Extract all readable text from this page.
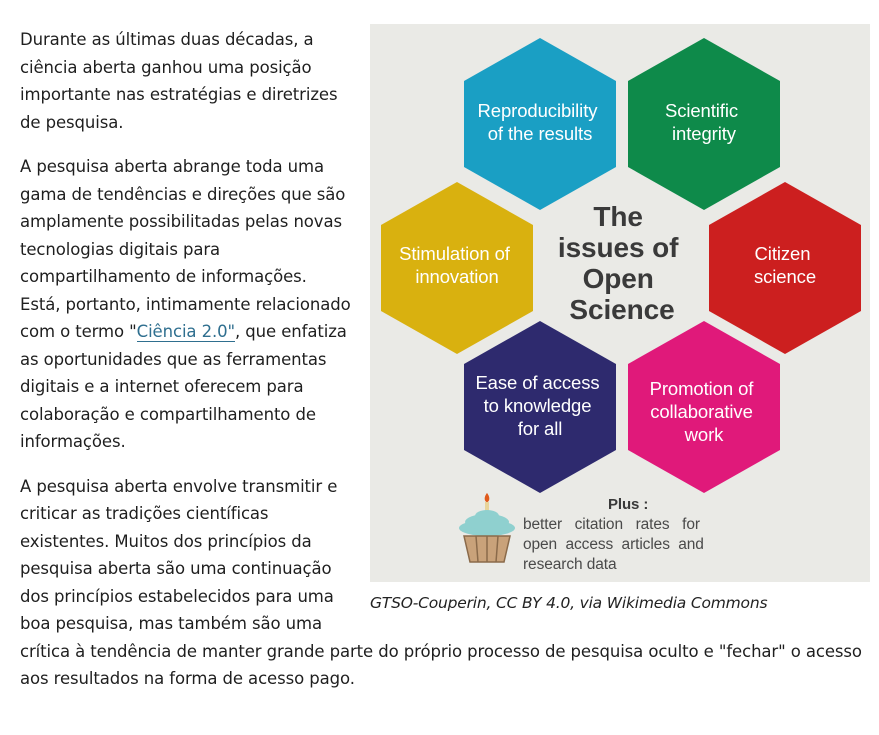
Reproducibility of the results
Scientific integrity
Citizen science
Promotion of collaborative work
Ease of access to knowledge for all
Stimulation of innovation
The issues of Open Science
Plus :
better   citation   rates   for
open  access  articles  and
research data
GTSO-Couperin, CC BY 4.0, via Wikimedia Commons

Durante as últimas duas décadas, a ciência aberta ganhou uma posição importante nas estratégias e diretrizes de pesquisa.

A pesquisa aberta abrange toda uma gama de tendências e direções que são amplamente possibilitadas pelas novas tecnologias digitais para compartilhamento de informações. Está, portanto, intimamente relacionado com o termo "Ciência 2.0", que enfatiza as oportunidades que as ferramentas digitais e a internet oferecem para colaboração e compartilhamento de informações.

A pesquisa aberta envolve transmitir e criticar as tradições científicas existentes. Muitos dos princípios da pesquisa aberta são uma continuação dos princípios estabelecidos para uma boa pesquisa, mas também são uma crítica à tendência de manter grande parte do próprio processo de pesquisa oculto e "fechar" o acesso aos resultados na forma de acesso pago.
